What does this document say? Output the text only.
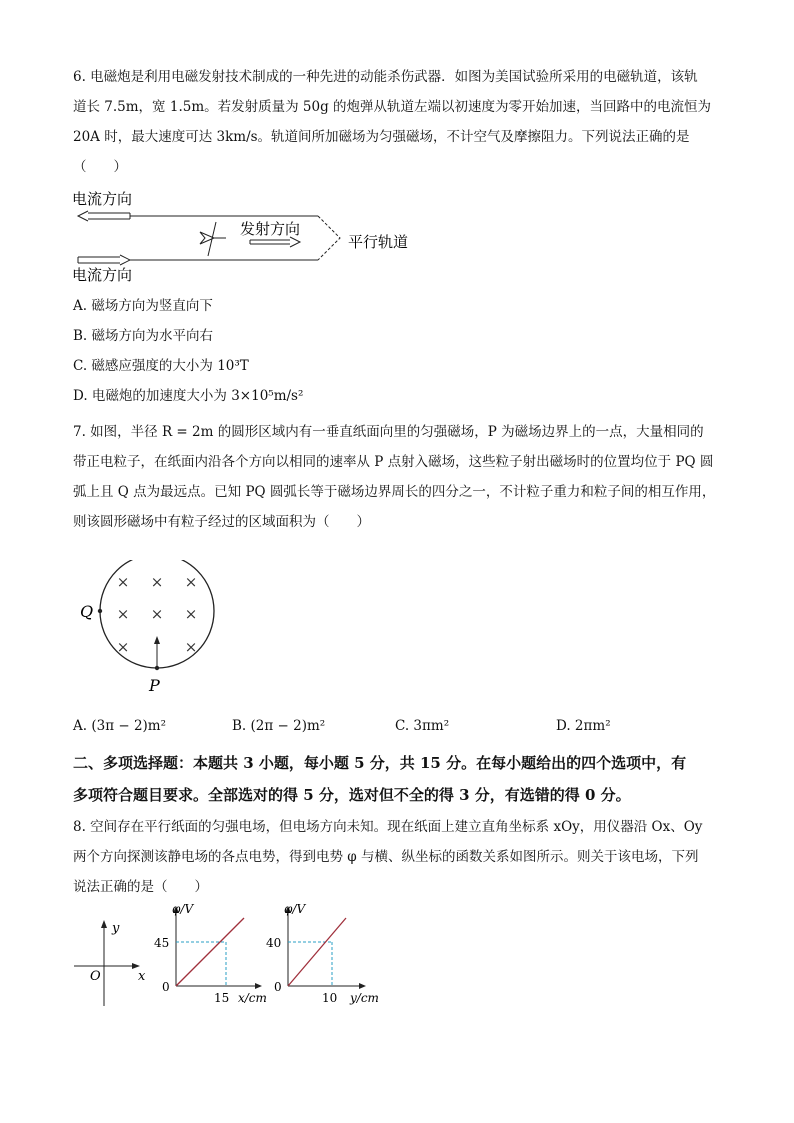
6. 电磁炮是利用电磁发射技术制成的一种先进的动能杀伤武器．如图为美国试验所采用的电磁轨道，该轨
道长 7.5m，宽 1.5m。若发射质量为 50g 的炮弹从轨道左端以初速度为零开始加速，当回路中的电流恒为
20A 时，最大速度可达 3km/s。轨道间所加磁场为匀强磁场，不计空气及摩擦阻力。下列说法正确的是
（　　）
电流方向
电流方向
发射方向
平行轨道
A. 磁场方向为竖直向下
B. 磁场方向为水平向右
C. 磁感应强度的大小为 10³T
D. 电磁炮的加速度大小为 3×10⁵m/s²
7. 如图，半径 R = 2m 的圆形区域内有一垂直纸面向里的匀强磁场，P 为磁场边界上的一点，大量相同的
带正电粒子，在纸面内沿各个方向以相同的速率从 P 点射入磁场，这些粒子射出磁场时的位置均位于 PQ 圆
弧上且 Q 点为最远点。已知 PQ 圆弧长等于磁场边界周长的四分之一，不计粒子重力和粒子间的相互作用，
则该圆形磁场中有粒子经过的区域面积为（　　）
× × ×
× × ×
×	×
Q
P
A. (3π − 2)m²	B. (2π − 2)m²	C. 3πm²	D. 2πm²
二、多项选择题：本题共 3 小题，每小题 5 分，共 15 分。在每小题给出的四个选项中，有
多项符合题目要求。全部选对的得 5 分，选对但不全的得 3 分，有选错的得 0 分。
8. 空间存在平行纸面的匀强电场，但电场方向未知。现在纸面上建立直角坐标系 xOy，用仪器沿 Ox、Oy
两个方向探测该静电场的各点电势，得到电势 φ 与横、纵坐标的函数关系如图所示。则关于该电场，下列
说法正确的是（　　）
y
O	x
φ/V
x/cm
0
45
15
φ/V
y/cm
0
40
10
